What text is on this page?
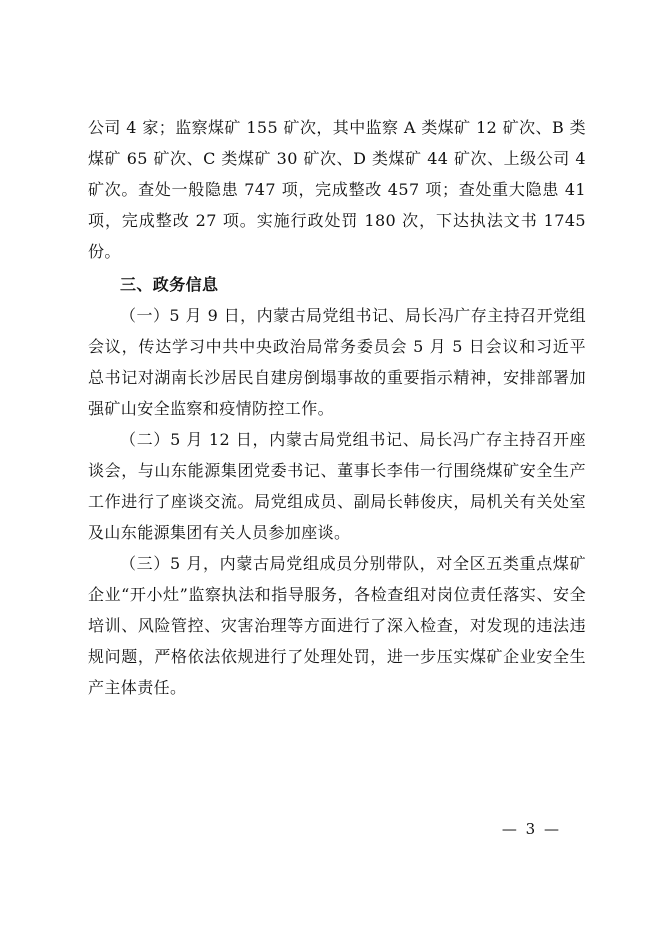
公司 4 家；监察煤矿 155 矿次，其中监察 A 类煤矿 12 矿次、B 类煤矿 65 矿次、C 类煤矿 30 矿次、D 类煤矿 44 矿次、上级公司 4 矿次。查处一般隐患 747 项，完成整改 457 项；查处重大隐患 41 项，完成整改 27 项。实施行政处罚 180 次，下达执法文书 1745 份。

三、政务信息

（一）5 月 9 日，内蒙古局党组书记、局长冯广存主持召开党组会议，传达学习中共中央政治局常务委员会 5 月 5 日会议和习近平总书记对湖南长沙居民自建房倒塌事故的重要指示精神，安排部署加强矿山安全监察和疫情防控工作。

（二）5 月 12 日，内蒙古局党组书记、局长冯广存主持召开座谈会，与山东能源集团党委书记、董事长李伟一行围绕煤矿安全生产工作进行了座谈交流。局党组成员、副局长韩俊庆，局机关有关处室及山东能源集团有关人员参加座谈。

（三）5 月，内蒙古局党组成员分别带队，对全区五类重点煤矿企业“开小灶”监察执法和指导服务，各检查组对岗位责任落实、安全培训、风险管控、灾害治理等方面进行了深入检查，对发现的违法违规问题，严格依法依规进行了处理处罚，进一步压实煤矿企业安全生产主体责任。

— 3 —
